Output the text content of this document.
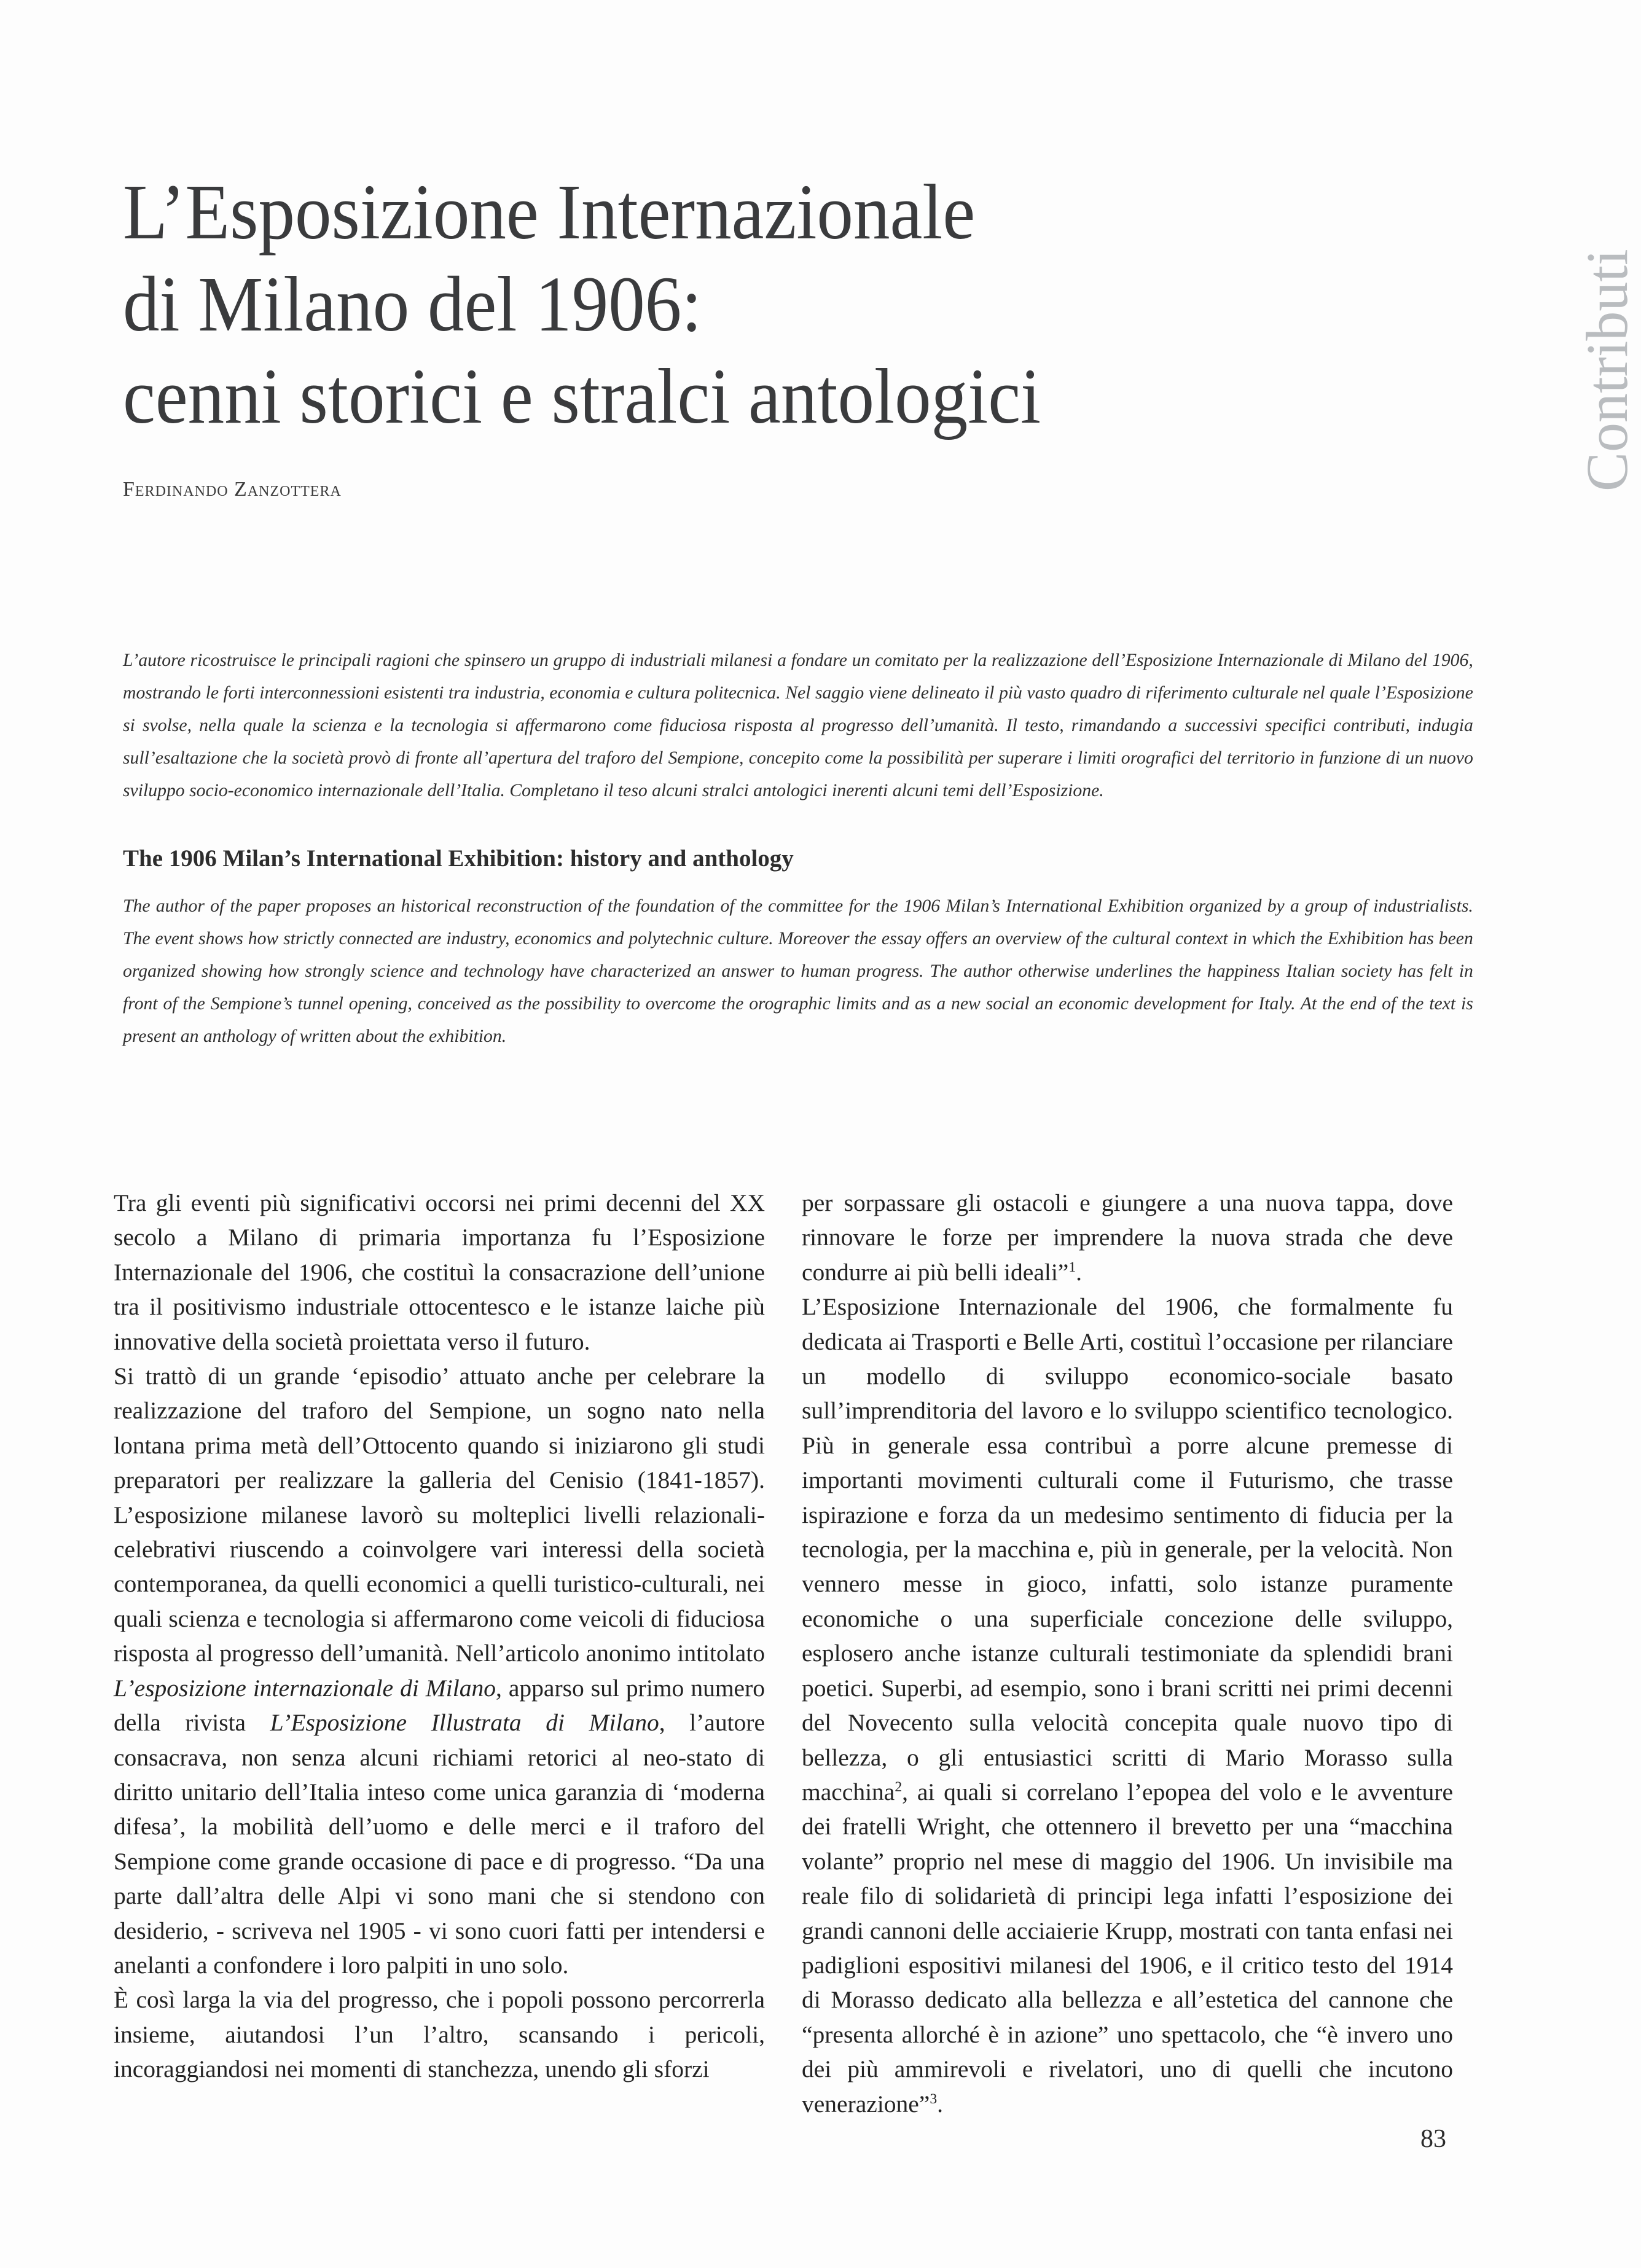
L’Esposizione Internazionale
di Milano del 1906:
cenni storici e stralci antologici
Ferdinando Zanzottera	Contributi
L’autore ricostruisce le principali ragioni che spinsero un gruppo di industriali milanesi a fondare un comitato per la realizzazione dell’Esposizione Internazionale di Milano del 1906, mostrando le forti interconnessioni esistenti tra industria, economia e cultura politecnica. Nel saggio viene delineato il più vasto quadro di riferimento culturale nel quale l’Esposizione si svolse, nella quale la scienza e la tecnologia si affermarono come fiduciosa risposta al progresso dell’umanità. Il testo, rimandando a successivi specifici contributi, indugia sull’esaltazione che la società provò di fronte all’apertura del traforo del Sempione, concepito come la possibilità per superare i limiti orografici del territorio in funzione di un nuovo sviluppo socio-economico internazionale dell’Italia. Completano il teso alcuni stralci antologici inerenti alcuni temi dell’Esposizione.
The 1906 Milan’s International Exhibition: history and anthology
The author of the paper proposes an historical reconstruction of the foundation of the committee for the 1906 Milan’s International Exhibition organized by a group of industrialists. The event shows how strictly connected are industry, economics and polytechnic culture. Moreover the essay offers an overview of the cultural context in which the Exhibition has been organized showing how strongly science and technology have characterized an answer to human progress. The author otherwise underlines the happiness Italian society has felt in front of the Sempione’s tunnel opening, conceived as the possibility to overcome the orographic limits and as a new social an economic development for Italy. At the end of the text is present an anthology of written about the exhibition.

Tra gli eventi più significativi occorsi nei primi decenni del XX secolo a Milano di primaria importanza fu l’Esposizione Internazionale del 1906, che costituì la consacrazione dell’unione tra il positivismo industriale ottocentesco e le istanze laiche più innovative della società proiettata verso il futuro.

Si trattò di un grande ‘episodio’ attuato anche per celebrare la realizzazione del traforo del Sempione, un sogno nato nella lontana prima metà dell’Ottocento quando si iniziarono gli studi preparatori per realizzare la galleria del Cenisio (1841-1857). L’esposizione milanese lavorò su molteplici livelli relazionali-celebrativi riuscendo a coinvolgere vari interessi della società contemporanea, da quelli economici a quelli turistico-culturali, nei quali scienza e tecnologia si affermarono come veicoli di fiduciosa risposta al progresso dell’umanità. Nell’articolo anonimo intitolato L’esposizione internazionale di Milano, apparso sul primo numero della rivista L’Esposizione Illustrata di Milano, l’autore consacrava, non senza alcuni richiami retorici al neo-stato di diritto unitario dell’Italia inteso come unica garanzia di ‘moderna difesa’, la mobilità dell’uomo e delle merci e il traforo del Sempione come grande occasione di pace e di progresso. “Da una parte dall’altra delle Alpi vi sono mani che si stendono con desiderio, - scriveva nel 1905 - vi sono cuori fatti per intendersi e anelanti a confondere i loro palpiti in uno solo.

È così larga la via del progresso, che i popoli possono percorrerla insieme, aiutandosi l’un l’altro, scansando i pericoli, incoraggiandosi nei momenti di stanchezza, unendo gli sforzi

per sorpassare gli ostacoli e giungere a una nuova tappa, dove rinnovare le forze per imprendere la nuova strada che deve condurre ai più belli ideali”$^1$.

L’Esposizione Internazionale del 1906, che formalmente fu dedicata ai Trasporti e Belle Arti, costituì l’occasione per rilanciare un modello di sviluppo economico-sociale basato sull’imprenditoria del lavoro e lo sviluppo scientifico tecnologico. Più in generale essa contribuì a porre alcune premesse di importanti movimenti culturali come il Futurismo, che trasse ispirazione e forza da un medesimo sentimento di fiducia per la tecnologia, per la macchina e, più in generale, per la velocità. Non vennero messe in gioco, infatti, solo istanze puramente economiche o una superficiale concezione delle sviluppo, esplosero anche istanze culturali testimoniate da splendidi brani poetici. Superbi, ad esempio, sono i brani scritti nei primi decenni del Novecento sulla velocità concepita quale nuovo tipo di bellezza, o gli entusiastici scritti di Mario Morasso sulla macchina$^2$, ai quali si correlano l’epopea del volo e le avventure dei fratelli Wright, che ottennero il brevetto per una “macchina volante” proprio nel mese di maggio del 1906. Un invisibile ma reale filo di solidarietà di principi lega infatti l’esposizione dei grandi cannoni delle acciaierie Krupp, mostrati con tanta enfasi nei padiglioni espositivi milanesi del 1906, e il critico testo del 1914 di Morasso dedicato alla bellezza e all’estetica del cannone che “presenta allorché è in azione” uno spettacolo, che “è invero uno dei più ammirevoli e rivelatori, uno di quelli che incutono venerazione”$^3$.

83
